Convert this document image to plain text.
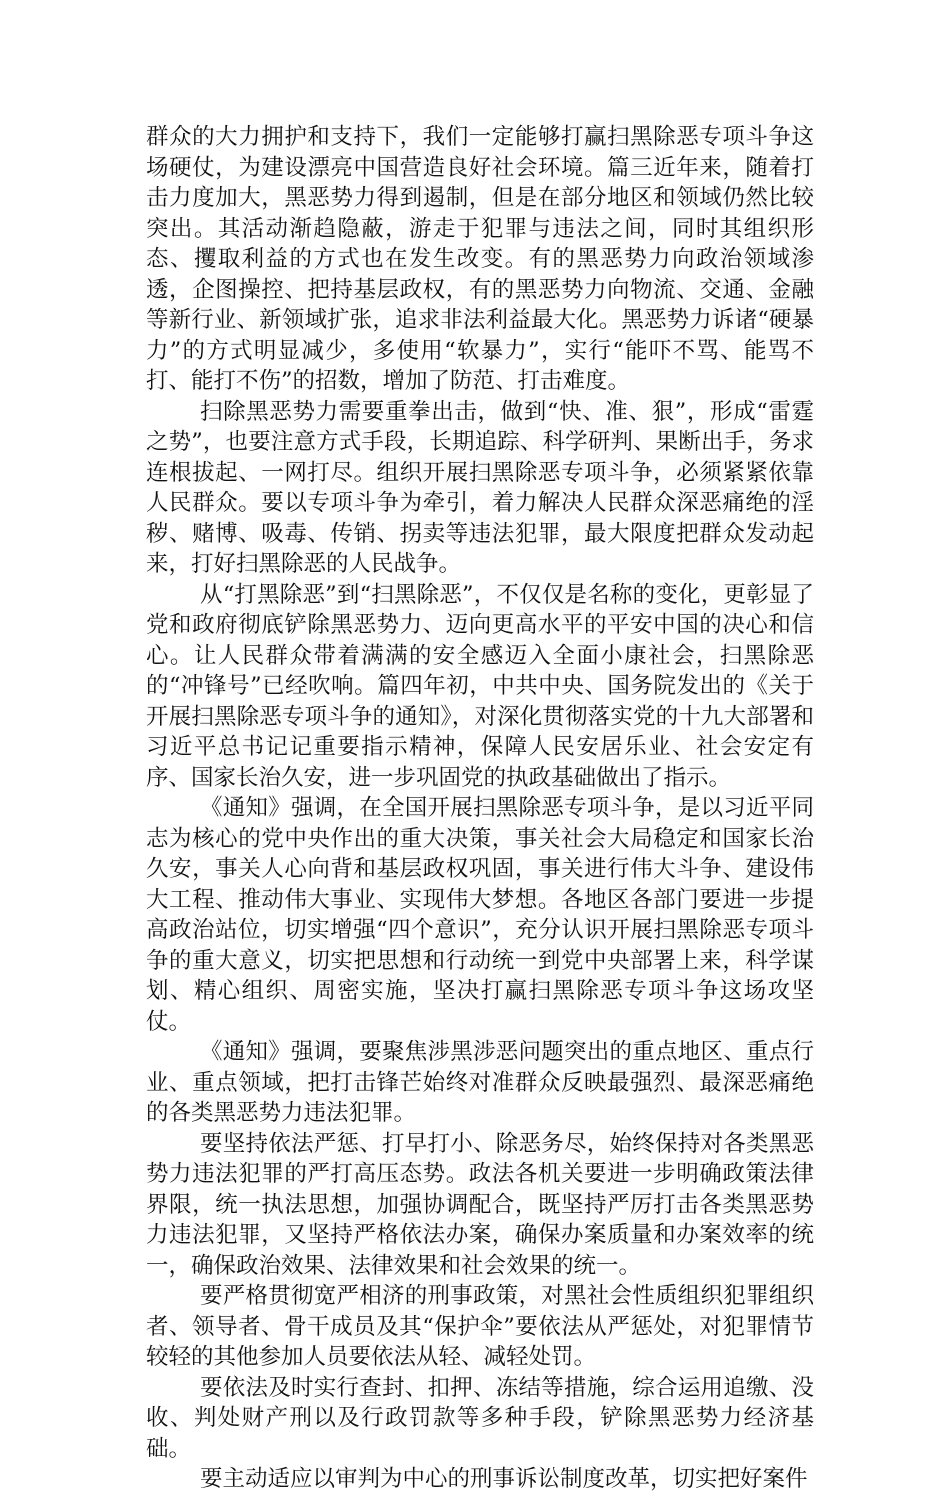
群众的大力拥护和支持下，我们一定能够打赢扫黑除恶专项斗争这场硬仗，为建设漂亮中国营造良好社会环境。篇三近年来，随着打击力度加大，黑恶势力得到遏制，但是在部分地区和领域仍然比较突出。其活动渐趋隐蔽，游走于犯罪与违法之间，同时其组织形态、攫取利益的方式也在发生改变。有的黑恶势力向政治领域渗透，企图操控、把持基层政权，有的黑恶势力向物流、交通、金融等新行业、新领域扩张，追求非法利益最大化。黑恶势力诉诸“硬暴力”的方式明显减少，多使用“软暴力”，实行“能吓不骂、能骂不打、能打不伤”的招数，增加了防范、打击难度。

扫除黑恶势力需要重拳出击，做到“快、准、狠”，形成“雷霆之势”，也要注意方式手段，长期追踪、科学研判、果断出手，务求连根拔起、一网打尽。组织开展扫黑除恶专项斗争，必须紧紧依靠人民群众。要以专项斗争为牵引，着力解决人民群众深恶痛绝的淫秽、赌博、吸毒、传销、拐卖等违法犯罪，最大限度把群众发动起来，打好扫黑除恶的人民战争。

从“打黑除恶”到“扫黑除恶”，不仅仅是名称的变化，更彰显了党和政府彻底铲除黑恶势力、迈向更高水平的平安中国的决心和信心。让人民群众带着满满的安全感迈入全面小康社会，扫黑除恶的“冲锋号”已经吹响。篇四年初，中共中央、国务院发出的《关于开展扫黑除恶专项斗争的通知》，对深化贯彻落实党的十九大部署和习近平总书记记重要指示精神，保障人民安居乐业、社会安定有序、国家长治久安，进一步巩固党的执政基础做出了指示。

《通知》强调，在全国开展扫黑除恶专项斗争，是以习近平同志为核心的党中央作出的重大决策，事关社会大局稳定和国家长治久安，事关人心向背和基层政权巩固，事关进行伟大斗争、建设伟大工程、推动伟大事业、实现伟大梦想。各地区各部门要进一步提高政治站位，切实增强“四个意识”，充分认识开展扫黑除恶专项斗争的重大意义，切实把思想和行动统一到党中央部署上来，科学谋划、精心组织、周密实施，坚决打赢扫黑除恶专项斗争这场攻坚仗。

《通知》强调，要聚焦涉黑涉恶问题突出的重点地区、重点行业、重点领域，把打击锋芒始终对准群众反映最强烈、最深恶痛绝的各类黑恶势力违法犯罪。

要坚持依法严惩、打早打小、除恶务尽，始终保持对各类黑恶势力违法犯罪的严打高压态势。政法各机关要进一步明确政策法律界限，统一执法思想，加强协调配合，既坚持严厉打击各类黑恶势力违法犯罪，又坚持严格依法办案，确保办案质量和办案效率的统一，确保政治效果、法律效果和社会效果的统一。

要严格贯彻宽严相济的刑事政策，对黑社会性质组织犯罪组织者、领导者、骨干成员及其“保护伞”要依法从严惩处，对犯罪情节较轻的其他参加人员要依法从轻、减轻处罚。

要依法及时实行查封、扣押、冻结等措施，综合运用追缴、没收、判处财产刑以及行政罚款等多种手段，铲除黑恶势力经济基础。

要主动适应以审判为中心的刑事诉讼制度改革，切实把好案件
